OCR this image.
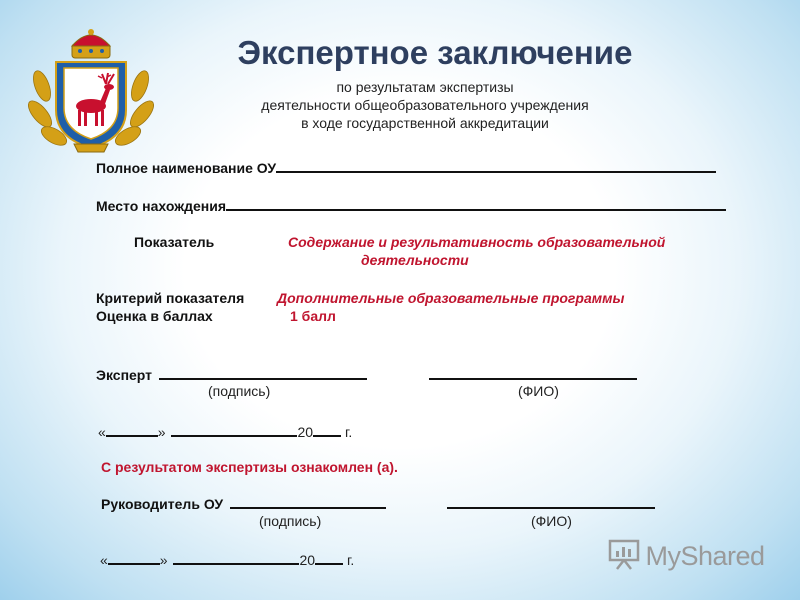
Экспертное заключение
по результатам экспертизы
деятельности общеобразовательного учреждения
в ходе государственной аккредитации
Полное наименование ОУ
Место нахождения
Показатель	Содержание и результативность образовательной
деятельности
Критерий показателя Дополнительные образовательные программы
Оценка в баллах	1 балл
Эксперт
(подпись)	(ФИО)
«	»	20 г.
С результатом экспертизы ознакомлен (а).
Руководитель ОУ
(подпись)	(ФИО)
«	»	20 г.	MyShared
